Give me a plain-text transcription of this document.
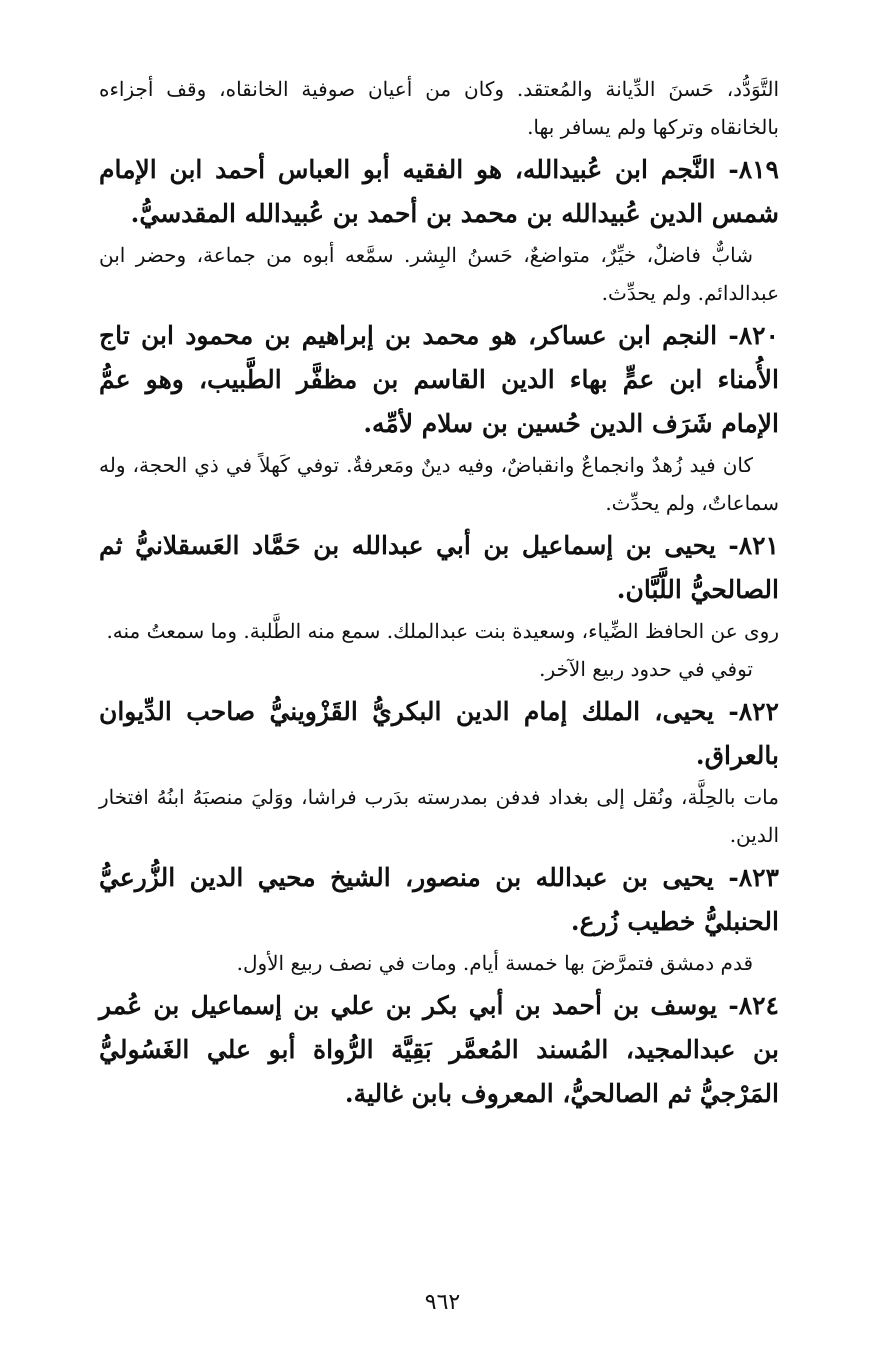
التَّوَدُّد، حَسنَ الدِّيانة والمُعتقد. وكان من أعيان صوفية الخانقاه، وقف أجزاءه بالخانقاه وتركها ولم يسافر بها.

٨١٩- النَّجم ابن عُبيدالله، هو الفقيه أبو العباس أحمد ابن الإمام شمس الدين عُبيدالله بن محمد بن أحمد بن عُبيدالله المقدسيُّ.

شابٌّ فاضلٌ، خيِّرٌ، متواضعٌ، حَسنُ البِشر. سمَّعه أبوه من جماعة، وحضر ابن عبدالدائم. ولم يحدِّث.

٨٢٠- النجم ابن عساكر، هو محمد بن إبراهيم بن محمود ابن تاج الأُمناء ابن عمٍّ بهاء الدين القاسم بن مظفَّر الطَّبيب، وهو عمُّ الإمام شَرَف الدين حُسين بن سلام لأمِّه.

كان فيد زُهدٌ وانجماعٌ وانقباضٌ، وفيه دينٌ ومَعرفةٌ. توفي كَهلاً في ذي الحجة، وله سماعاتٌ، ولم يحدِّث.

٨٢١- يحيى بن إسماعيل بن أبي عبدالله بن حَمَّاد العَسقلانيُّ ثم الصالحيُّ اللَّبَّان.

روى عن الحافظ الضِّياء، وسعيدة بنت عبدالملك. سمع منه الطَّلبة. وما سمعتُ منه.

توفي في حدود ربيع الآخر.

٨٢٢- يحيى، الملك إمام الدين البكريُّ القَزْوينيُّ صاحب الدِّيوان بالعراق.

مات بالحِلَّة، ونُقل إلى بغداد فدفن بمدرسته بدَرب فراشا، ووَليَ منصبَهُ ابنُهُ افتخار الدين.

٨٢٣- يحيى بن عبدالله بن منصور، الشيخ محيي الدين الزُّرعيُّ الحنبليُّ خطيب زُرع.

قدم دمشق فتمرَّضَ بها خمسة أيام. ومات في نصف ربيع الأول.

٨٢٤- يوسف بن أحمد بن أبي بكر بن علي بن إسماعيل بن عُمر بن عبدالمجيد، المُسند المُعمَّر بَقِيَّة الرُّواة أبو علي الغَسُوليُّ المَرْجيُّ ثم الصالحيُّ، المعروف بابن غالية.

٩٦٢
